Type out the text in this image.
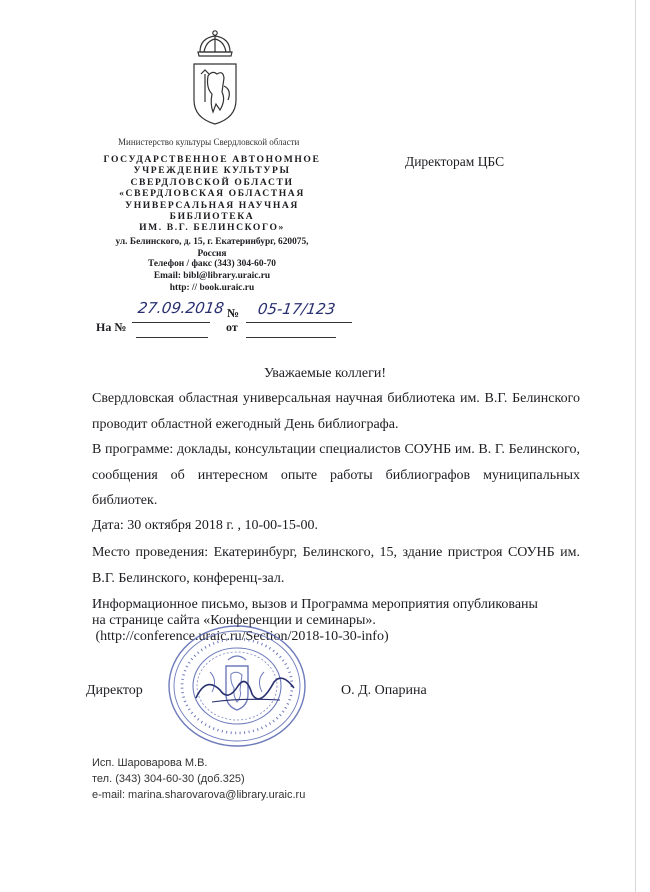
Министерство культуры Свердловской области
ГОСУДАРСТВЕННОЕ АВТОНОМНОЕ
УЧРЕЖДЕНИЕ КУЛЬТУРЫ
СВЕРДЛОВСКОЙ ОБЛАСТИ
«СВЕРДЛОВСКАЯ ОБЛАСТНАЯ
УНИВЕРСАЛЬНАЯ НАУЧНАЯ
БИБЛИОТЕКА
ИМ. В.Г. БЕЛИНСКОГО»
ул. Белинского, д. 15, г. Екатеринбург, 620075,
Россия
Телефон / факс (343) 304-60-70
Email: bibl@library.uraic.ru
http: // book.uraic.ru
Директорам ЦБС
27.09.2018 № 05-17/123
На №	от
Уважаемые коллеги!
Свердловская областная универсальная научная библиотека им. В.Г. Белинского проводит областной ежегодный День библиографа.
В программе: доклады, консультации специалистов СОУНБ им. В. Г. Белинского, сообщения об интересном опыте работы библиографов муниципальных библиотек.
Дата: 30 октября 2018 г. , 10-00-15-00.
Место проведения: Екатеринбург, Белинского, 15, здание пристроя СОУНБ им. В.Г. Белинского, конференц-зал.
Информационное письмо, вызов и Программа мероприятия опубликованы
на странице сайта «Конференции и семинары».
(http://conference.uraic.ru/Section/2018-10-30-info)
Директор	О. Д. Опарина
Исп. Шароварова М.В.
тел. (343) 304-60-30 (доб.325)
e-mail: marina.sharovarova@library.uraic.ru
